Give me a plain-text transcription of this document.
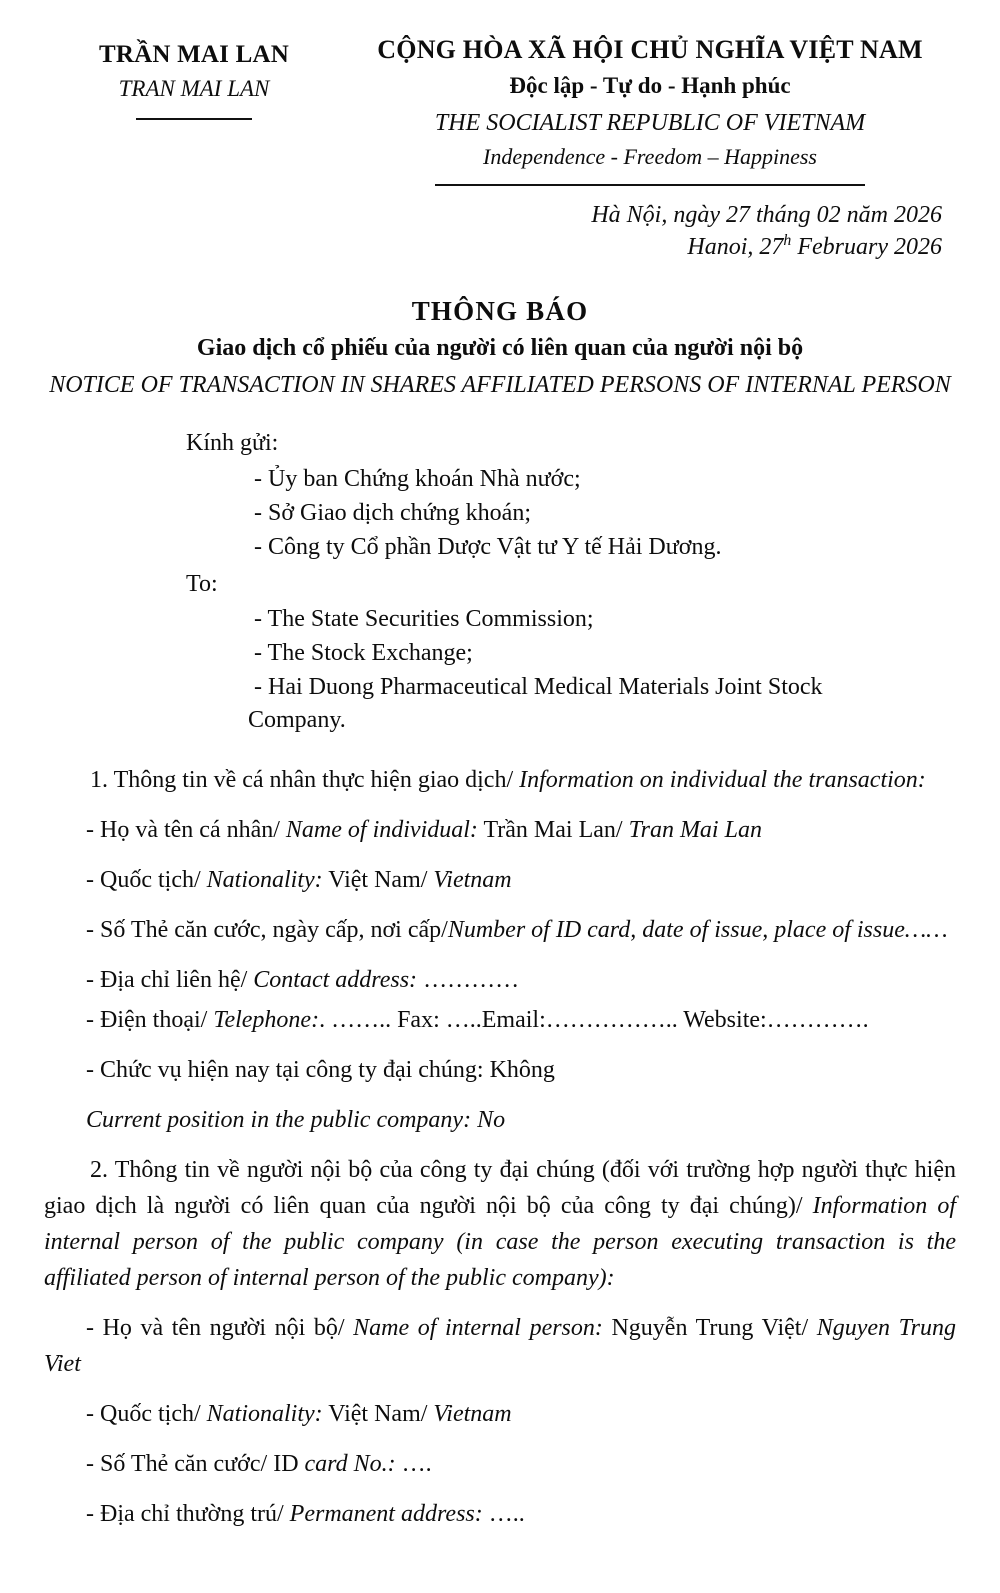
TRẦN MAI LAN
TRAN MAI LAN
CỘNG HÒA XÃ HỘI CHỦ NGHĨA VIỆT NAM
Độc lập - Tự do - Hạnh phúc
THE SOCIALIST REPUBLIC OF VIETNAM
Independence - Freedom – Happiness
Hà Nội, ngày 27 tháng 02 năm 2026
Hanoi, 27$^h$ February 2026
THÔNG BÁO
Giao dịch cổ phiếu của người có liên quan của người nội bộ
NOTICE OF TRANSACTION IN SHARES AFFILIATED PERSONS OF INTERNAL PERSON
Kính gửi:
- Ủy ban Chứng khoán Nhà nước;
- Sở Giao dịch chứng khoán;
- Công ty Cổ phần Dược Vật tư Y tế Hải Dương.
To:
- The State Securities Commission;
- The Stock Exchange;
- Hai Duong Pharmaceutical Medical Materials Joint Stock
Company.
1. Thông tin về cá nhân thực hiện giao dịch/ Information on individual the transaction:
- Họ và tên cá nhân/ Name of individual: Trần Mai Lan/ Tran Mai Lan
- Quốc tịch/ Nationality: Việt Nam/ Vietnam
- Số Thẻ căn cước, ngày cấp, nơi cấp/Number of ID card, date of issue, place of issue……
- Địa chỉ liên hệ/ Contact address: …………
- Điện thoại/ Telephone:. …….. Fax: …..Email:…………….. Website:………….
- Chức vụ hiện nay tại công ty đại chúng: Không
Current position in the public company: No
2. Thông tin về người nội bộ của công ty đại chúng (đối với trường hợp người thực hiện giao dịch là người có liên quan của người nội bộ của công ty đại chúng)/ Information of internal person of the public company (in case the person executing transaction is the affiliated person of internal person of the public company):
- Họ và tên người nội bộ/ Name of internal person: Nguyễn Trung Việt/ Nguyen Trung Viet
- Quốc tịch/ Nationality: Việt Nam/ Vietnam
- Số Thẻ căn cước/ ID card No.: ….
- Địa chỉ thường trú/ Permanent address: …..
